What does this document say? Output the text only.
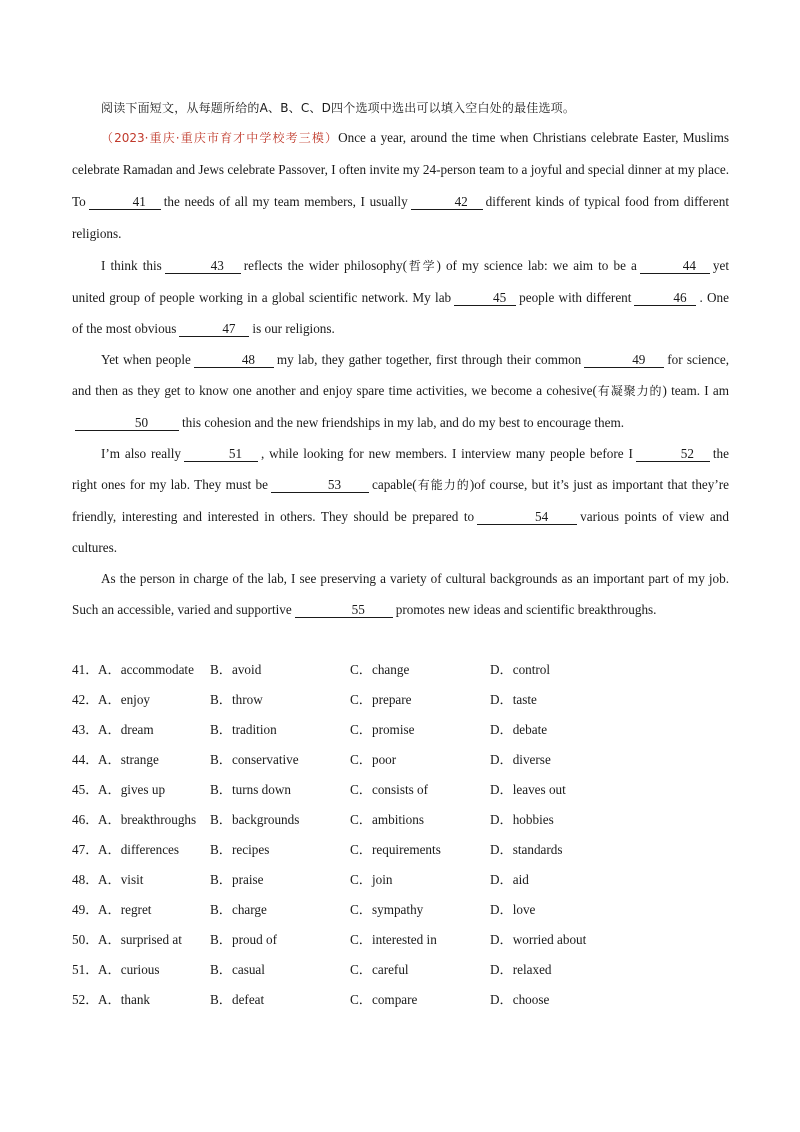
阅读下面短文，从每题所给的A、B、C、D四个选项中选出可以填入空白处的最佳选项。

（2023·重庆·重庆市育才中学校考三模）Once a year, around the time when Christians celebrate Easter, Muslims celebrate Ramadan and Jews celebrate Passover, I often invite my 24-person team to a joyful and special dinner at my place. To	41 the needs of all my team members, I usually	42 different kinds of typical food from different religions.

I think this	43 reflects the wider philosophy(哲学) of my science lab: we aim to be a	44 yet united group of people working in a global scientific network. My lab	45 people with different	46 . One of the most obvious	47 is our religions.

Yet when people	48 my lab, they gather together, first through their common	49 for science, and then as they get to know one another and enjoy spare time activities, we become a cohesive(有凝聚力的) team. I am50	this cohesion and the new friendships in my lab, and do my best to encourage them.

I’m also really	51 , while looking for new members. I interview many people before I	52 the right ones for my lab. They must be	53 capable(有能力的)of course, but it’s just as important that they’re friendly, interesting and interested in others. They should be prepared to	54 various points of view and cultures.

As the person in charge of the lab, I see preserving a variety of cultural backgrounds as an important part of my job. Such an accessible, varied and supportive	55 promotes new ideas and scientific breakthroughs.

41． A．accommodate B．avoid	C．change	D．control
42． A．enjoy	B．throw	C．prepare	D．taste
43． A．dream	B．tradition	C．promise	D．debate
44． A．strange	B．conservative	C．poor	D．diverse
45． A．gives up	B．turns down	C．consists of	D．leaves out
46． A．breakthroughs B．backgrounds	C．ambitions	D．hobbies
47． A．differences B．recipes	C．requirements	D．standards
48． A．visit	B．praise	C．join	D．aid
49． A．regret	B．charge	C．sympathy	D．love
50． A．surprised at B．proud of	C．interested in	D．worried about
51． A．curious	B．casual	C．careful	D．relaxed
52． A．thank	B．defeat	C．compare	D．choose
